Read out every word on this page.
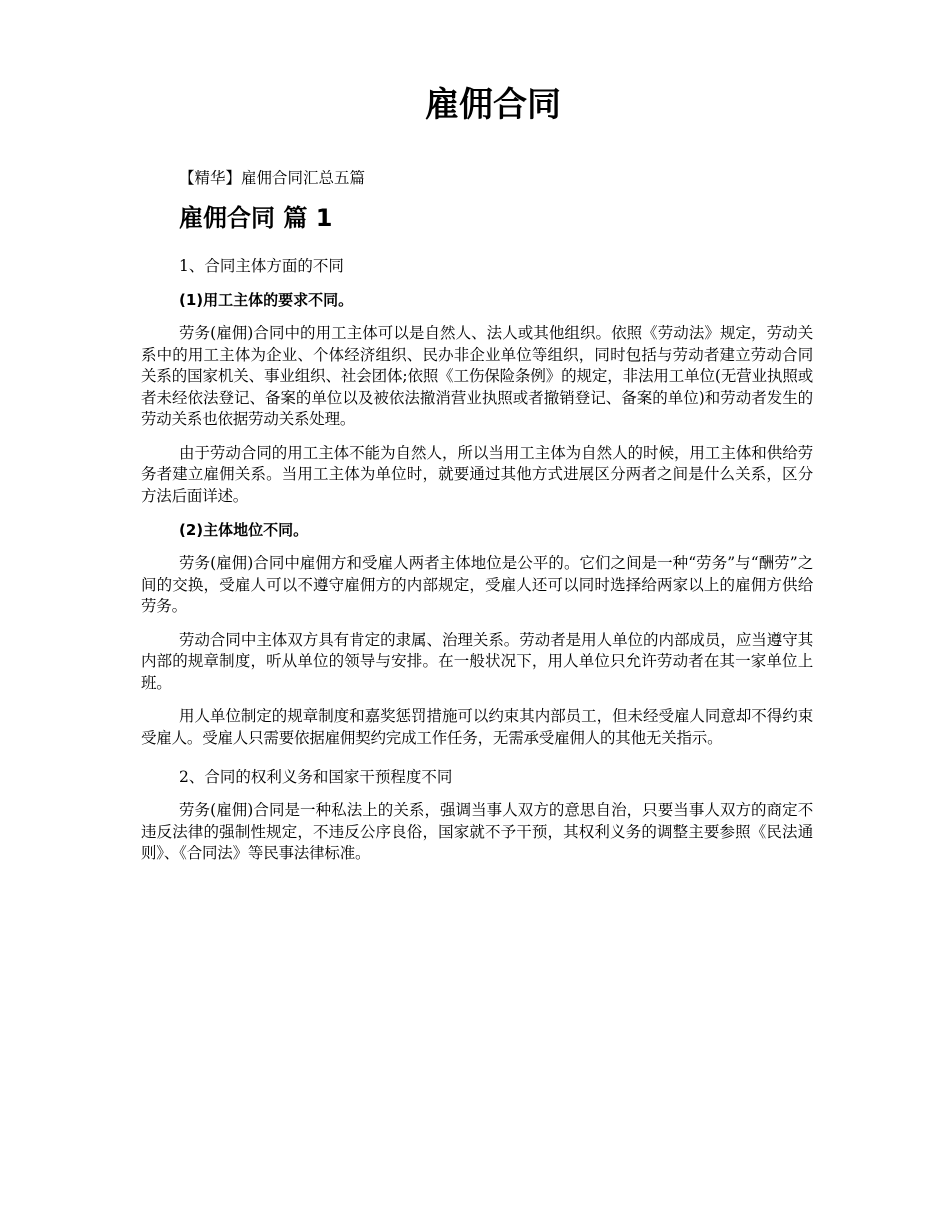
雇佣合同

【精华】雇佣合同汇总五篇

雇佣合同 篇 1

1、合同主体方面的不同

(1)用工主体的要求不同。

劳务(雇佣)合同中的用工主体可以是自然人、法人或其他组织。依照《劳动法》规定，劳动关系中的用工主体为企业、个体经济组织、民办非企业单位等组织，同时包括与劳动者建立劳动合同关系的国家机关、事业组织、社会团体;依照《工伤保险条例》的规定，非法用工单位(无营业执照或者未经依法登记、备案的单位以及被依法撤消营业执照或者撤销登记、备案的单位)和劳动者发生的劳动关系也依据劳动关系处理。

由于劳动合同的用工主体不能为自然人，所以当用工主体为自然人的时候，用工主体和供给劳务者建立雇佣关系。当用工主体为单位时，就要通过其他方式进展区分两者之间是什么关系，区分方法后面详述。

(2)主体地位不同。

劳务(雇佣)合同中雇佣方和受雇人两者主体地位是公平的。它们之间是一种“劳务”与“酬劳”之间的交换，受雇人可以不遵守雇佣方的内部规定，受雇人还可以同时选择给两家以上的雇佣方供给劳务。

劳动合同中主体双方具有肯定的隶属、治理关系。劳动者是用人单位的内部成员，应当遵守其内部的规章制度，听从单位的领导与安排。在一般状况下，用人单位只允许劳动者在其一家单位上班。

用人单位制定的规章制度和嘉奖惩罚措施可以约束其内部员工，但未经受雇人同意却不得约束受雇人。受雇人只需要依据雇佣契约完成工作任务，无需承受雇佣人的其他无关指示。

2、合同的权利义务和国家干预程度不同

劳务(雇佣)合同是一种私法上的关系，强调当事人双方的意思自治，只要当事人双方的商定不违反法律的强制性规定，不违反公序良俗，国家就不予干预，其权利义务的调整主要参照《民法通则》、《合同法》等民事法律标准。
